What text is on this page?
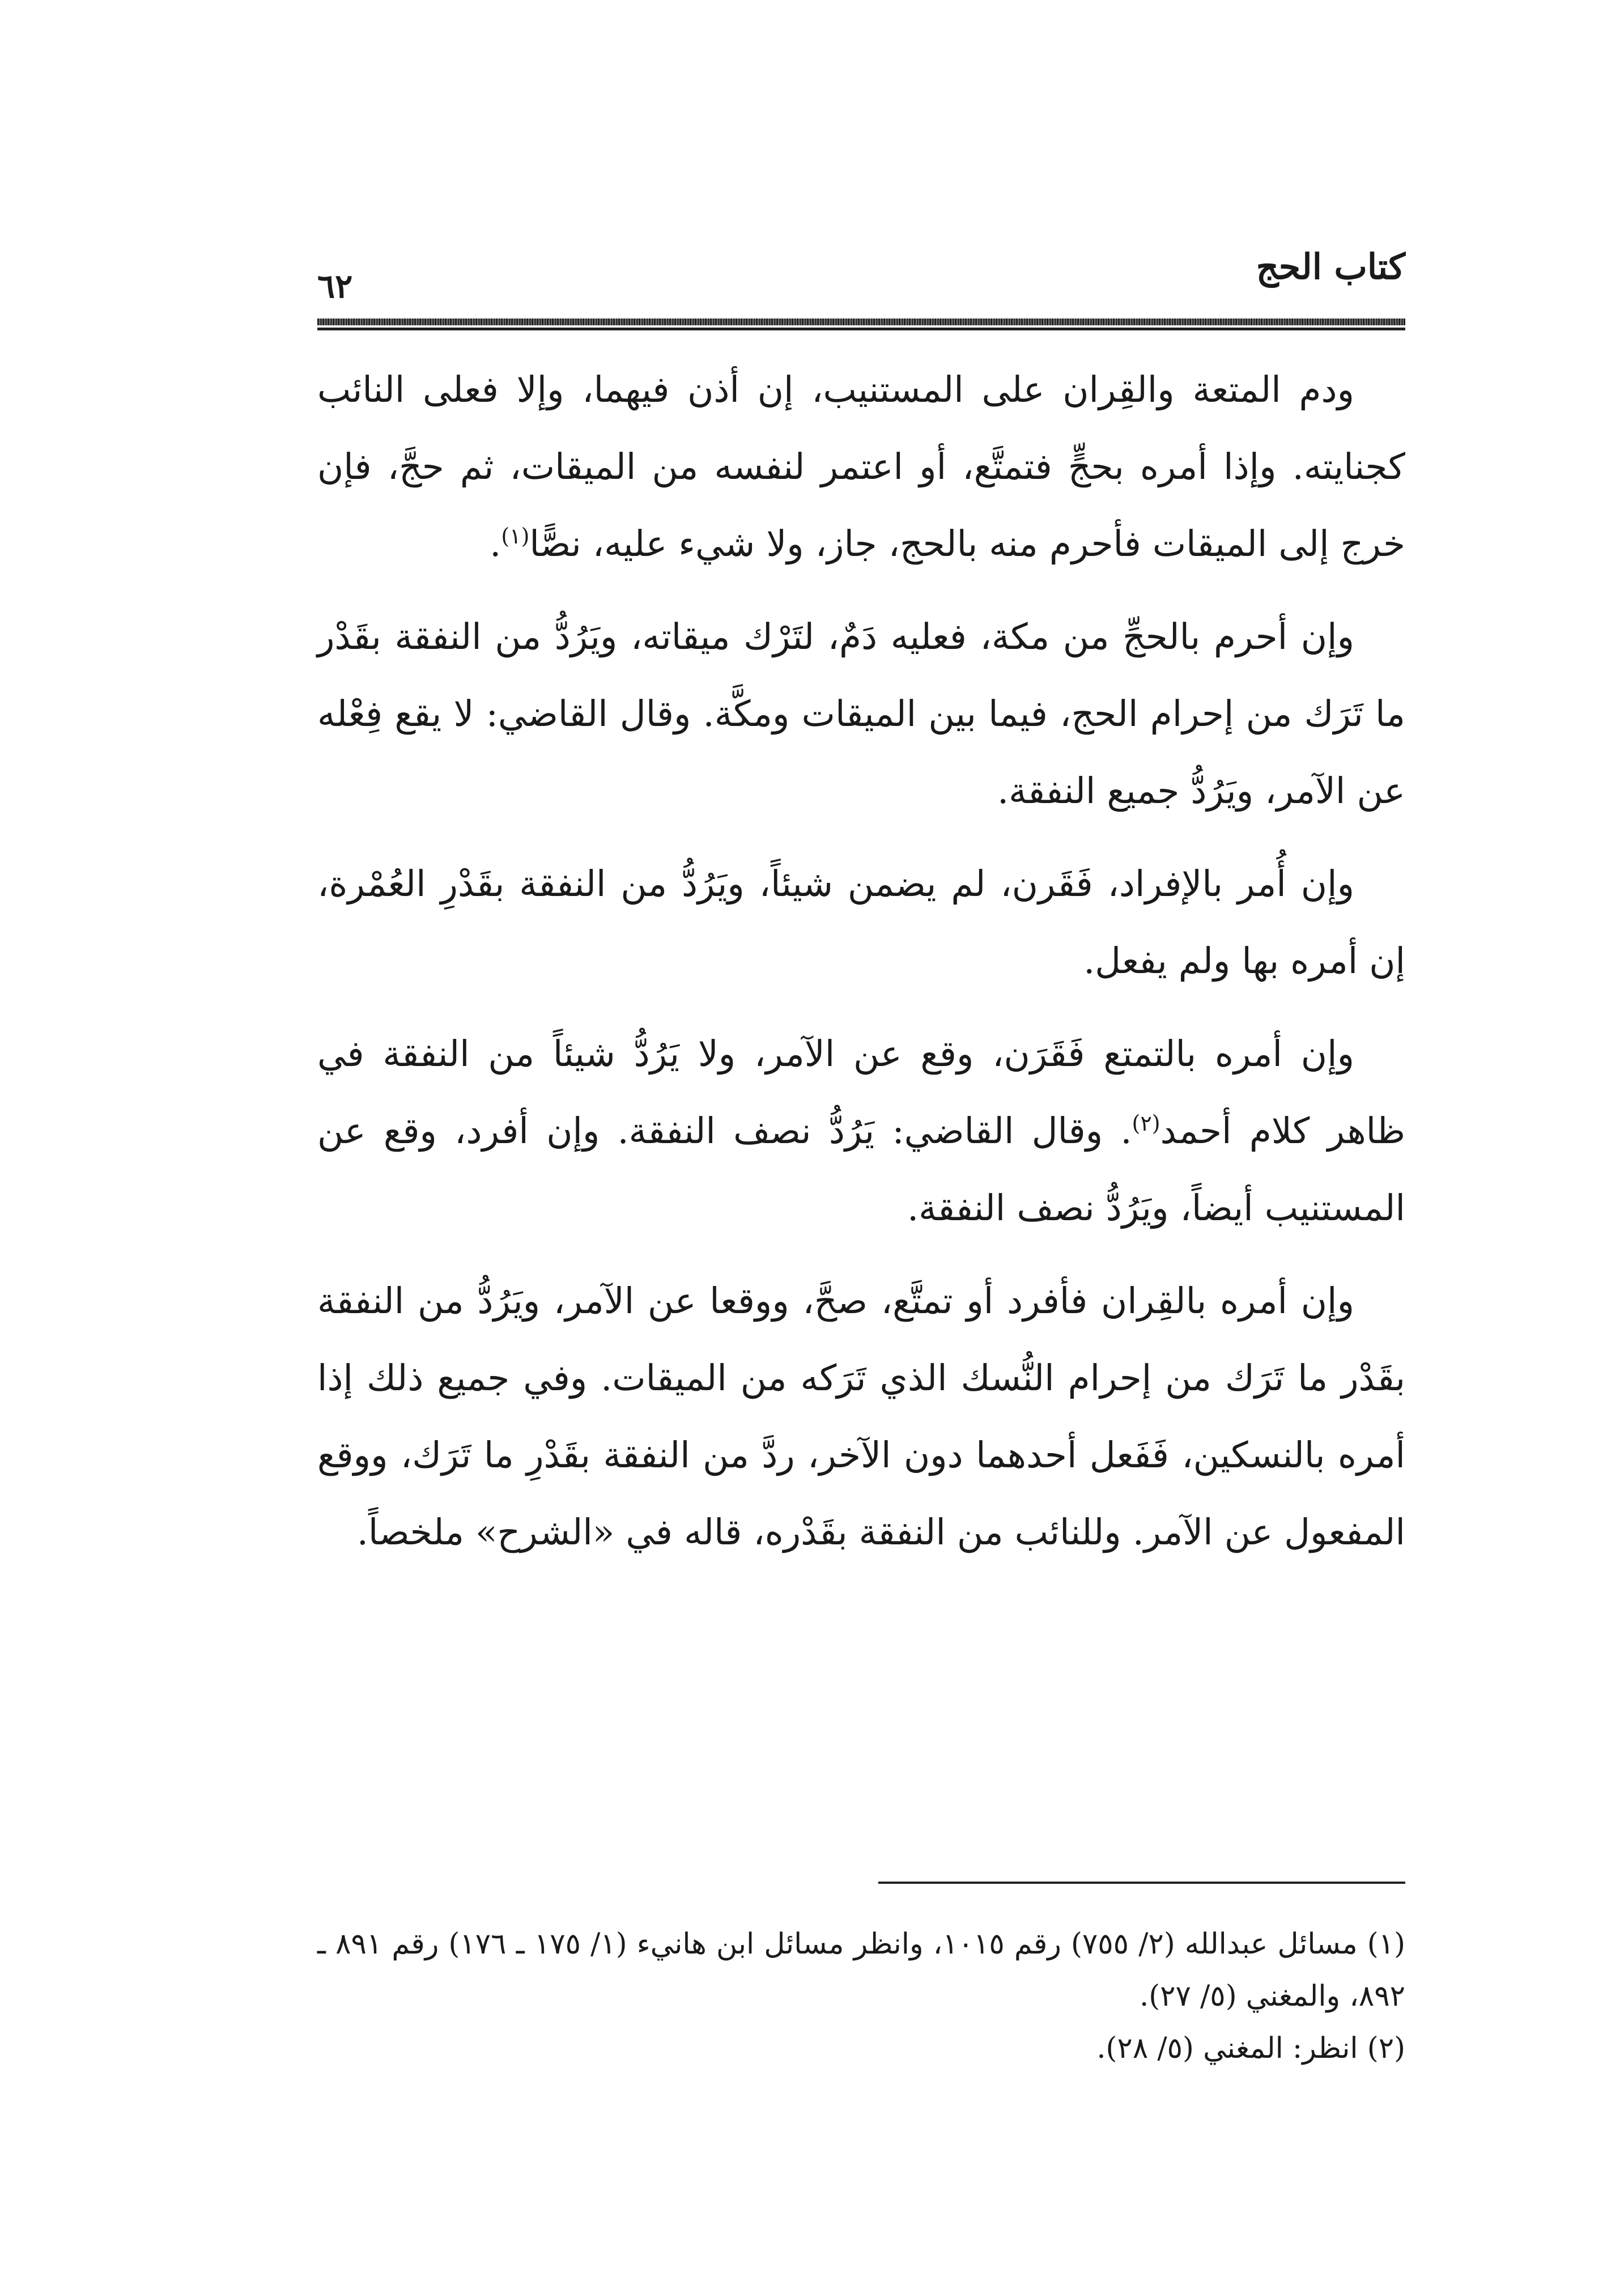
كتاب الحج
٦٢

ودم المتعة والقِران على المستنيب، إن أذن فيهما، وإلا فعلى النائب كجنايته. وإذا أمره بحجٍّ فتمتَّع، أو اعتمر لنفسه من الميقات، ثم حجَّ، فإن خرج إلى الميقات فأحرم منه بالحج، جاز، ولا شيء عليه، نصًّا$^{(١)}$.

وإن أحرم بالحجِّ من مكة، فعليه دَمٌ، لتَرْك ميقاته، ويَرُدُّ من النفقة بقَدْر ما تَرَك من إحرام الحج، فيما بين الميقات ومكَّة. وقال القاضي: لا يقع فِعْله عن الآمر، ويَرُدُّ جميع النفقة.

وإن أُمر بالإفراد، فَقَرن، لم يضمن شيئاً، ويَرُدُّ من النفقة بقَدْرِ العُمْرة، إن أمره بها ولم يفعل.

وإن أمره بالتمتع فَقَرَن، وقع عن الآمر، ولا يَرُدُّ شيئاً من النفقة في ظاهر كلام أحمد$^{(٢)}$. وقال القاضي: يَرُدُّ نصف النفقة. وإن أفرد، وقع عن المستنيب أيضاً، ويَرُدُّ نصف النفقة.

وإن أمره بالقِران فأفرد أو تمتَّع، صحَّ، ووقعا عن الآمر، ويَرُدُّ من النفقة بقَدْر ما تَرَك من إحرام النُّسك الذي تَرَكه من الميقات. وفي جميع ذلك إذا أمره بالنسكين، فَفَعل أحدهما دون الآخر، ردَّ من النفقة بقَدْرِ ما تَرَك، ووقع المفعول عن الآمر. وللنائب من النفقة بقَدْره، قاله في «الشرح» ملخصاً.

(١) مسائل عبدالله (٢/ ٧٥٥) رقم ١٠١٥، وانظر مسائل ابن هانيء (١/ ١٧٥ ـ ١٧٦) رقم ٨٩١ ـ ٨٩٢، والمغني (٥/ ٢٧).

(٢) انظر: المغني (٥/ ٢٨).
